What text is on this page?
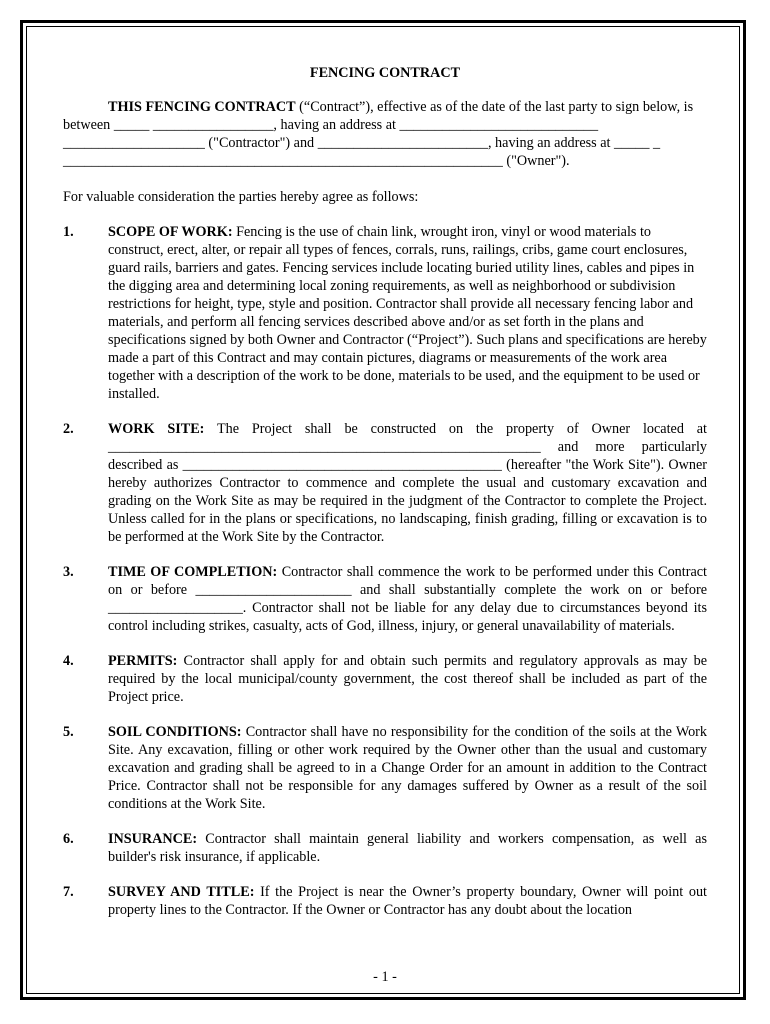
FENCING CONTRACT

THIS FENCING CONTRACT (“Contract”), effective as of the date of the last party to sign below, is between _____ _________________, having an address at ____________________________ ____________________ ("Contractor") and ________________________, having an address at _____ _ ______________________________________________________________ ("Owner").

For valuable consideration the parties hereby agree as follows:

1. SCOPE OF WORK: Fencing is the use of chain link, wrought iron, vinyl or wood materials to construct, erect, alter, or repair all types of fences, corrals, runs, railings, cribs, game court enclosures, guard rails, barriers and gates. Fencing services include locating buried utility lines, cables and pipes in the digging area and determining local zoning requirements, as well as neighborhood or subdivision restrictions for height, type, style and position. Contractor shall provide all necessary fencing labor and materials, and perform all fencing services described above and/or as set forth in the plans and specifications signed by both Owner and Contractor (“Project”). Such plans and specifications are hereby made a part of this Contract and may contain pictures, diagrams or measurements of the work area together with a description of the work to be done, materials to be used, and the equipment to be used or installed.
2. WORK SITE: The Project shall be constructed on the property of Owner located at _____________________________________________________________ and more particularly described as _____________________________________________ (hereafter "the Work Site"). Owner hereby authorizes Contractor to commence and complete the usual and customary excavation and grading on the Work Site as may be required in the judgment of the Contractor to complete the Project. Unless called for in the plans or specifications, no landscaping, finish grading, filling or excavation is to be performed at the Work Site by the Contractor.
3. TIME OF COMPLETION: Contractor shall commence the work to be performed under this Contract on or before ______________________ and shall substantially complete the work on or before ___________________. Contractor shall not be liable for any delay due to circumstances beyond its control including strikes, casualty, acts of God, illness, injury, or general unavailability of materials.
4. PERMITS: Contractor shall apply for and obtain such permits and regulatory approvals as may be required by the local municipal/county government, the cost thereof shall be included as part of the Project price.
5. SOIL CONDITIONS: Contractor shall have no responsibility for the condition of the soils at the Work Site. Any excavation, filling or other work required by the Owner other than the usual and customary excavation and grading shall be agreed to in a Change Order for an amount in addition to the Contract Price. Contractor shall not be responsible for any damages suffered by Owner as a result of the soil conditions at the Work Site.
6. INSURANCE: Contractor shall maintain general liability and workers compensation, as well as builder's risk insurance, if applicable.
7. SURVEY AND TITLE: If the Project is near the Owner’s property boundary, Owner will point out property lines to the Contractor. If the Owner or Contractor has any doubt about the location
- 1 -
